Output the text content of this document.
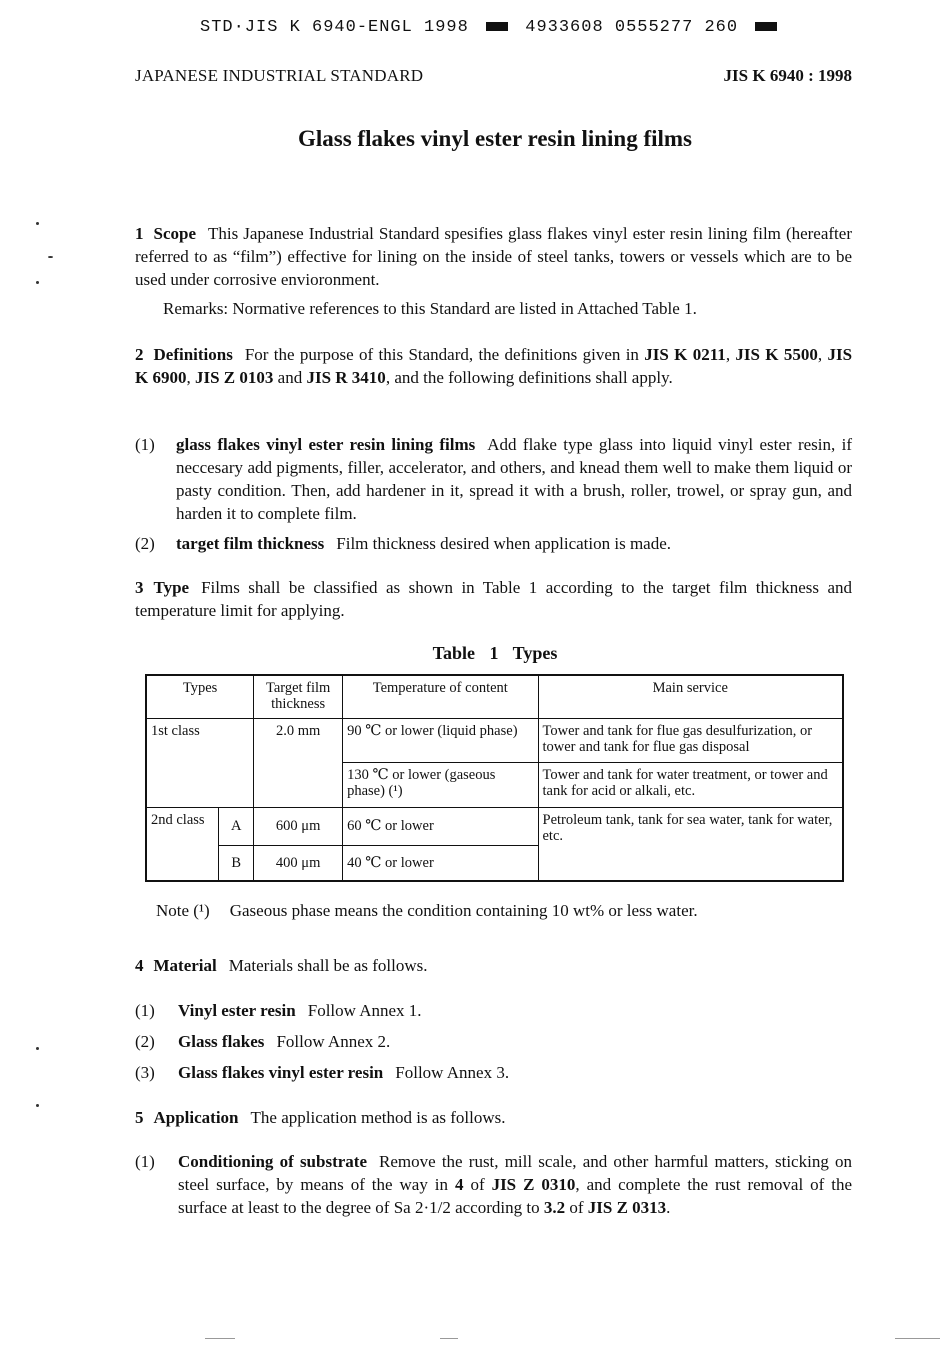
STD·JIS K 6940-ENGL 1998	4933608 0555277 260
JAPANESE INDUSTRIAL STANDARD	JIS K 6940 : 1998
Glass flakes vinyl ester resin lining films
1 Scope This Japanese Industrial Standard spesifies glass flakes vinyl ester resin lining film (hereafter referred to as “film”) effective for lining on the inside of steel tanks, towers or vessels which are to be used under corrosive envioronment.
Remarks: Normative references to this Standard are listed in Attached Table 1.
2 Definitions For the purpose of this Standard, the definitions given in JIS K 0211, JIS K 5500, JIS K 6900, JIS Z 0103 and JIS R 3410, and the following definitions shall apply.
(1) glass flakes vinyl ester resin lining films Add flake type glass into liquid vinyl ester resin, if neccesary add pigments, filler, accelerator, and others, and knead them well to make them liquid or pasty condition. Then, add hardener in it, spread it with a brush, roller, trowel, or spray gun, and harden it to complete film.
(2) target film thickness Film thickness desired when application is made.
3 Type Films shall be classified as shown in Table 1 according to the target film thickness and temperature limit for applying.
Table 1 Types
Types		Target film thickness	Temperature of content	Main service
1st class		2.0 mm	90 ℃ or lower (liquid phase)	Tower and tank for flue gas desulfurization, or tower and tank for flue gas disposal
			130 ℃ or lower (gaseous phase) (¹)	Tower and tank for water treatment, or tower and tank for acid or alkali, etc.
2nd class	A	600 μm	60 ℃ or lower	Petroleum tank, tank for sea water, tank for water, etc.
	B	400 μm	40 ℃ or lower	
Note (¹) Gaseous phase means the condition containing 10 wt% or less water.
4 Material Materials shall be as follows.
(1) Vinyl ester resin Follow Annex 1.
(2) Glass flakes Follow Annex 2.
(3) Glass flakes vinyl ester resin Follow Annex 3.
5 Application The application method is as follows.
(1) Conditioning of substrate Remove the rust, mill scale, and other harmful matters, sticking on steel surface, by means of the way in 4 of JIS Z 0310, and complete the rust removal of the surface at least to the degree of Sa 2·1/2 according to 3.2 of JIS Z 0313.
